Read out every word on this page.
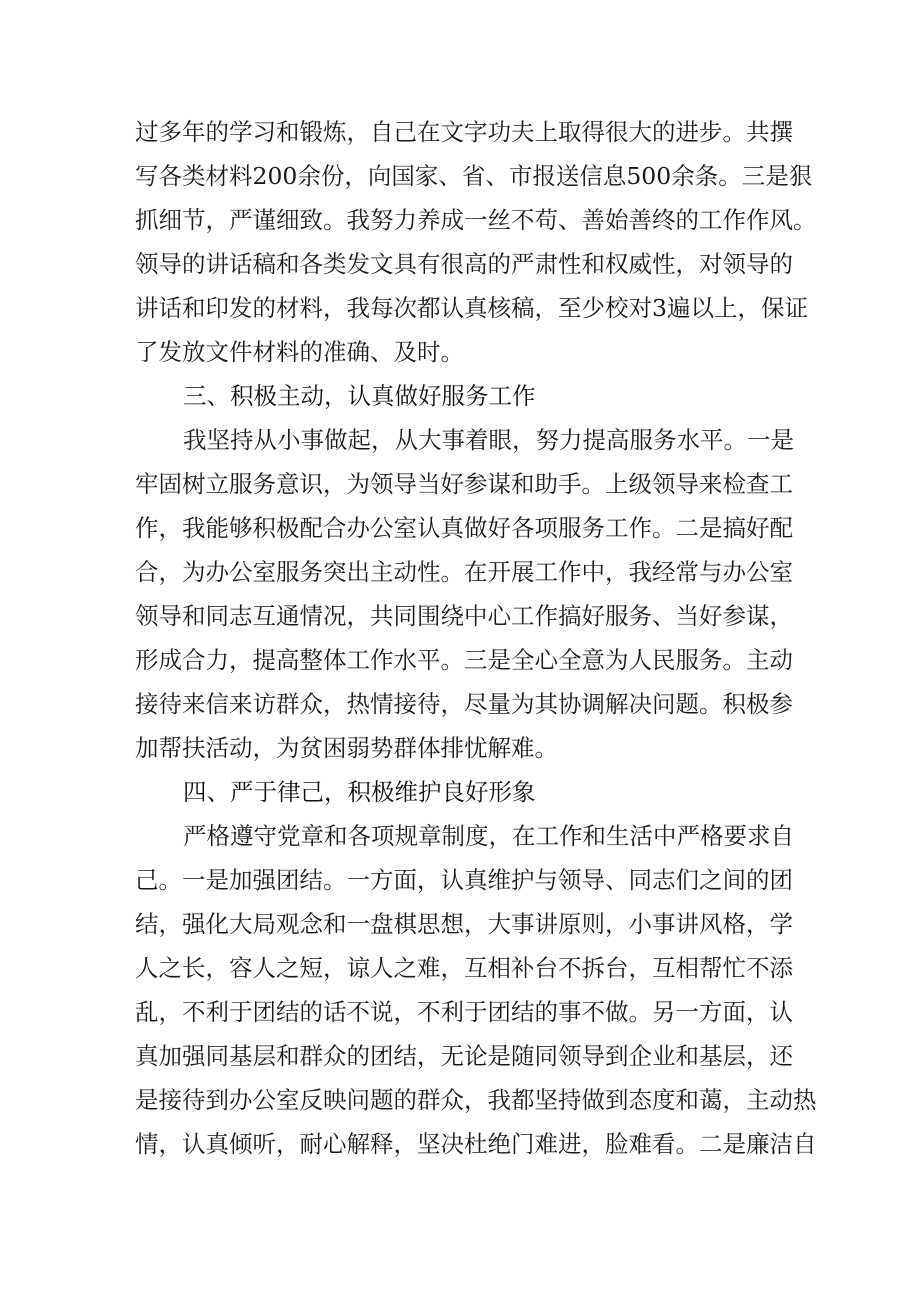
过多年的学习和锻炼，自己在文字功夫上取得很大的进步。共撰
写各类材料200余份，向国家、省、市报送信息500余条。三是狠
抓细节，严谨细致。我努力养成一丝不苟、善始善终的工作作风。
领导的讲话稿和各类发文具有很高的严肃性和权威性，对领导的
讲话和印发的材料，我每次都认真核稿，至少校对3遍以上，保证
了发放文件材料的准确、及时。
三、积极主动，认真做好服务工作
我坚持从小事做起，从大事着眼，努力提高服务水平。一是
牢固树立服务意识，为领导当好参谋和助手。上级领导来检查工
作，我能够积极配合办公室认真做好各项服务工作。二是搞好配
合，为办公室服务突出主动性。在开展工作中，我经常与办公室
领导和同志互通情况，共同围绕中心工作搞好服务、当好参谋，
形成合力，提高整体工作水平。三是全心全意为人民服务。主动
接待来信来访群众，热情接待，尽量为其协调解决问题。积极参
加帮扶活动，为贫困弱势群体排忧解难。
四、严于律己，积极维护良好形象
严格遵守党章和各项规章制度，在工作和生活中严格要求自
己。一是加强团结。一方面，认真维护与领导、同志们之间的团
结，强化大局观念和一盘棋思想，大事讲原则，小事讲风格，学
人之长，容人之短，谅人之难，互相补台不拆台，互相帮忙不添
乱，不利于团结的话不说，不利于团结的事不做。另一方面，认
真加强同基层和群众的团结，无论是随同领导到企业和基层，还
是接待到办公室反映问题的群众，我都坚持做到态度和蔼，主动热
情，认真倾听，耐心解释，坚决杜绝门难进，脸难看。二是廉洁自
